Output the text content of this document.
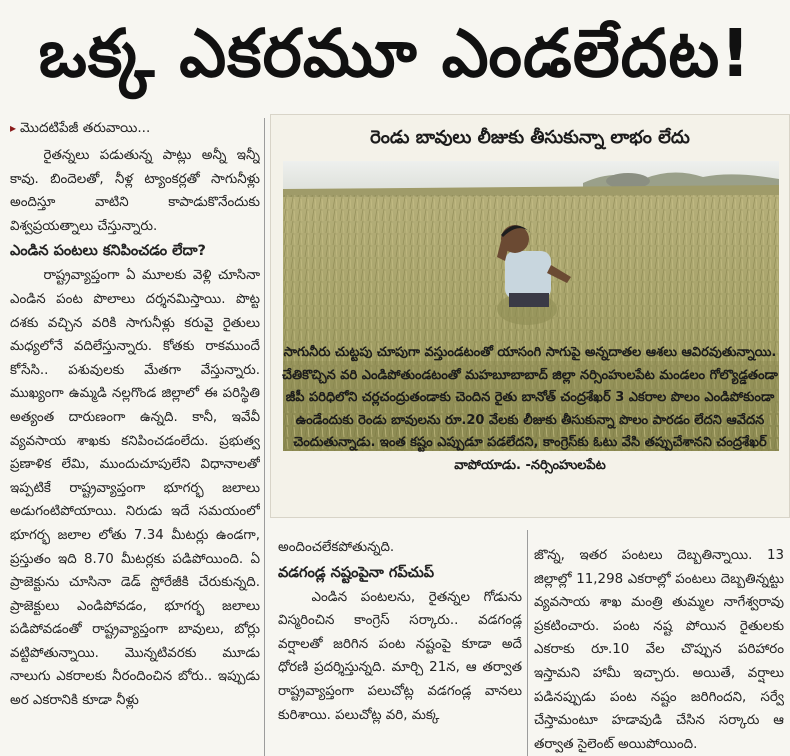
ఒక్క ఎకరమూ ఎండలేదట!
▸ మొదటిపేజీ తరువాయి...

రైతన్నలు పడుతున్న పాట్లు అన్నీ ఇన్నీ కావు. బిందెలతో, నీళ్ల ట్యాంకర్లతో సాగునీళ్లు అందిస్తూ వాటిని కాపాడుకొనేందుకు విశ్వప్రయత్నాలు చేస్తున్నారు.

ఎండిన పంటలు కనిపించడం లేదా?

రాష్ట్రవ్యాప్తంగా ఏ మూలకు వెళ్లి చూసినా ఎండిన పంట పొలాలు దర్శనమిస్తాయి. పొట్ట దశకు వచ్చిన వరికి సాగునీళ్లు కరువై రైతులు మధ్యలోనే వదిలేస్తున్నారు. కోతకు రాకముందే కోసేసి.. పశువులకు మేతగా వేస్తున్నారు. ముఖ్యంగా ఉమ్మడి నల్లగొండ జిల్లాలో ఈ పరిస్థితి అత్యంత దారుణంగా ఉన్నది. కానీ, ఇవేవీ వ్యవసాయ శాఖకు కనిపించడంలేదు. ప్రభుత్వ ప్రణాళిక లేమి, ముందుచూపులేని విధానాలతో ఇప్పటికే రాష్ట్రవ్యాప్తంగా భూగర్భ జలాలు అడుగంటిపోయాయి. నిరుడు ఇదే సమయంలో భూగర్భ జలాల లోతు 7.34 మీటర్లు ఉండగా, ప్రస్తుతం ఇది 8.70 మీటర్లకు పడిపోయింది. ఏ ప్రాజెక్టును చూసినా డెడ్ స్టోరేజీకి చేరుకున్నది. ప్రాజెక్టులు ఎండిపోవడం, భూగర్భ జలాలు పడిపోవడంతో రాష్ట్రవ్యాప్తంగా బావులు, బోర్లు వట్టిపోతున్నాయి. మొన్నటివరకు మూడు నాలుగు ఎకరాలకు నీరందించిన బోరు.. ఇప్పుడు అర ఎకరానికి కూడా నీళ్లు

రెండు బావులు లీజుకు తీసుకున్నా లాభం లేదు
సాగునీరు చుట్టపు చూపుగా వస్తుండటంతో యాసంగి సాగుపై అన్నదాతల ఆశలు ఆవిరవుతున్నాయి. చేతికొచ్చిన వరి ఎండిపోతుండటంతో మహబూబాబాద్ జిల్లా నర్సింహులపేట మండలం గోల్యొడ్డతండా జీపీ పరిధిలోని చర్లచంద్రుతండాకు చెందిన రైతు బానోత్ చంద్రశేఖర్ 3 ఎకరాల పొలం ఎండిపోకుండా ఉండేందుకు రెండు బావులను రూ.20 వేలకు లీజుకు తీసుకున్నా పొలం పారడం లేదని ఆవేదన చెందుతున్నాడు. ఇంత కష్టం ఎప్పుడూ పడలేదని, కాంగ్రెస్‌కు ఓటు వేసి తప్పుచేశానని చంద్రశేఖర్ వాపోయాడు. -నర్సింహులపేట

అందించలేకపోతున్నది.

వడగండ్ల నష్టంపైనా గప్‌చుప్

ఎండిన పంటలను, రైతన్నల గోడును విస్మరించిన కాంగ్రెస్ సర్కారు.. వడగండ్ల వర్షాలతో జరిగిన పంట నష్టంపై కూడా అదే ధోరణి ప్రదర్శిస్తున్నది. మార్చి 21న, ఆ తర్వాత రాష్ట్రవ్యాప్తంగా పలుచోట్ల వడగండ్ల వానలు కురిశాయి. పలుచోట్ల వరి, మక్క

జొన్న, ఇతర పంటలు దెబ్బతిన్నాయి. 13 జిల్లాల్లో 11,298 ఎకరాల్లో పంటలు దెబ్బతిన్నట్టు వ్యవసాయ శాఖ మంత్రి తుమ్మల నాగేశ్వరావు ప్రకటించారు. పంట నష్ట పోయిన రైతులకు ఎకరాకు రూ.10 వేల చొప్పున పరిహారం ఇస్తామని హామీ ఇచ్చారు. అయితే, వర్షాలు పడినప్పుడు పంట నష్టం జరిగిందని, సర్వే చేస్తామంటూ హడావుడి చేసిన సర్కారు ఆ తర్వాత సైలెంట్ అయిపోయింది.
